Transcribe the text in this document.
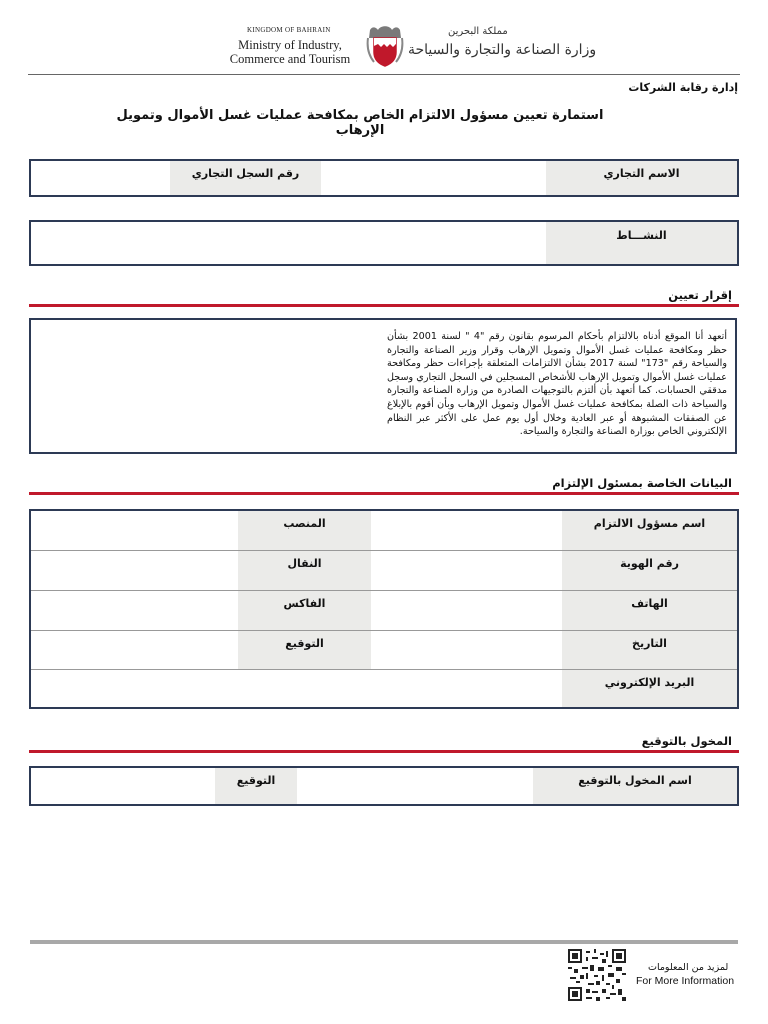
KINGDOM OF BAHRAIN
Ministry of Industry,
Commerce and Tourism
مملكة البحرين
وزارة الصناعة والتجارة والسياحة
إدارة رقابة الشركات
استمارة تعيين مسؤول الالتزام الخاص بمكافحة عمليات غسل الأموال وتمويل الإرهاب
	رقم السجل التجاري		الاسم التجاري
	النشـــاط
إقرار تعيين
أتعهد أنا الموقع أدناه بالالتزام بأحكام المرسوم بقانون رقم "4 " لسنة 2001 بشأن حظر ومكافحة عمليات غسل الأموال وتمويل الإرهاب وقرار وزير الصناعة والتجارة والسياحة رقم "173" لسنة 2017 بشأن الالتزامات المتعلقة بإجراءات حظر ومكافحة عمليات غسل الأموال وتمويل الإرهاب للأشخاص المسجلين في السجل التجاري وسجل مدققي الحسابات. كما أتعهد بأن ألتزم بالتوجيهات الصادرة من وزارة الصناعة والتجارة والسياحة ذات الصلة بمكافحة عمليات غسل الأموال وتمويل الإرهاب وبأن أقوم بالإبلاغ عن الصفقات المشبوهة أو عبر العادية وخلال أول يوم عمل على الأكثر عبر النظام الإلكتروني الخاص بوزارة الصناعة والتجارة والسياحة.
البيانات الخاصة بمسئول الإلتزام
	المنصب		اسم مسؤول الالتزام
	النقال		رقم الهوية
	الفاكس		الهاتف
	التوقيع		التاريخ
			البريد الإلكتروني
المخول بالتوقيع
	التوقيع		اسم المخول بالتوقيع
لمزيد من المعلومات
For More Information
